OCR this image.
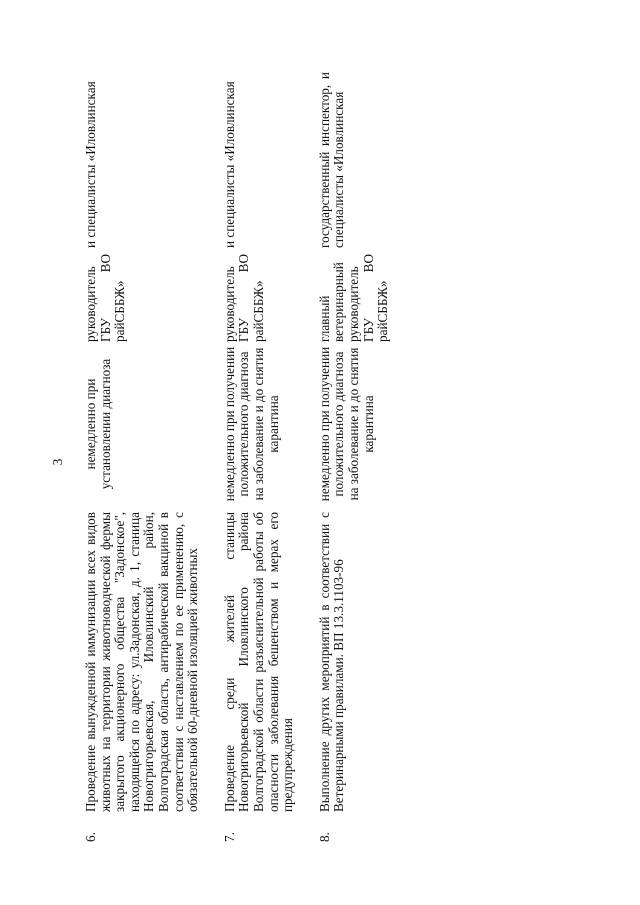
3
6.	Проведение вынужденной иммунизации всех видов животных на территории животноводческой фермы закрытого акционерного общества "Задонское", находящейся по адресу: ул.Задонская, д. 1, станица Новогригорьевская, Иловлинский район, Волгоградская область, антирабической вакциной в соответствии с наставлением по ее применению, с обязательной 60-дневной изоляцией животных	немедленно при установлении диагноза	руководитель ГБУ ВО райСББЖ»	и специалисты «Иловлинская
7.	Проведение среди жителей станицы Новогригорьевской Иловлинского района Волгоградской области разъяснительной работы об опасности заболевания бешенством и мерах его предупреждения	немедленно при получении положительного диагноза на заболевание и до снятия карантина	руководитель ГБУ ВО райСББЖ»	и специалисты «Иловлинская
8.	Выполнение других мероприятий в соответствии с Ветеринарными правилами. ВП 13.3.1103-96	немедленно при получении положительного диагноза на заболевание и до снятия карантина	главный ветеринарный руководитель ГБУ ВО райСББЖ»	государственный инспектор, и специалисты «Иловлинская
